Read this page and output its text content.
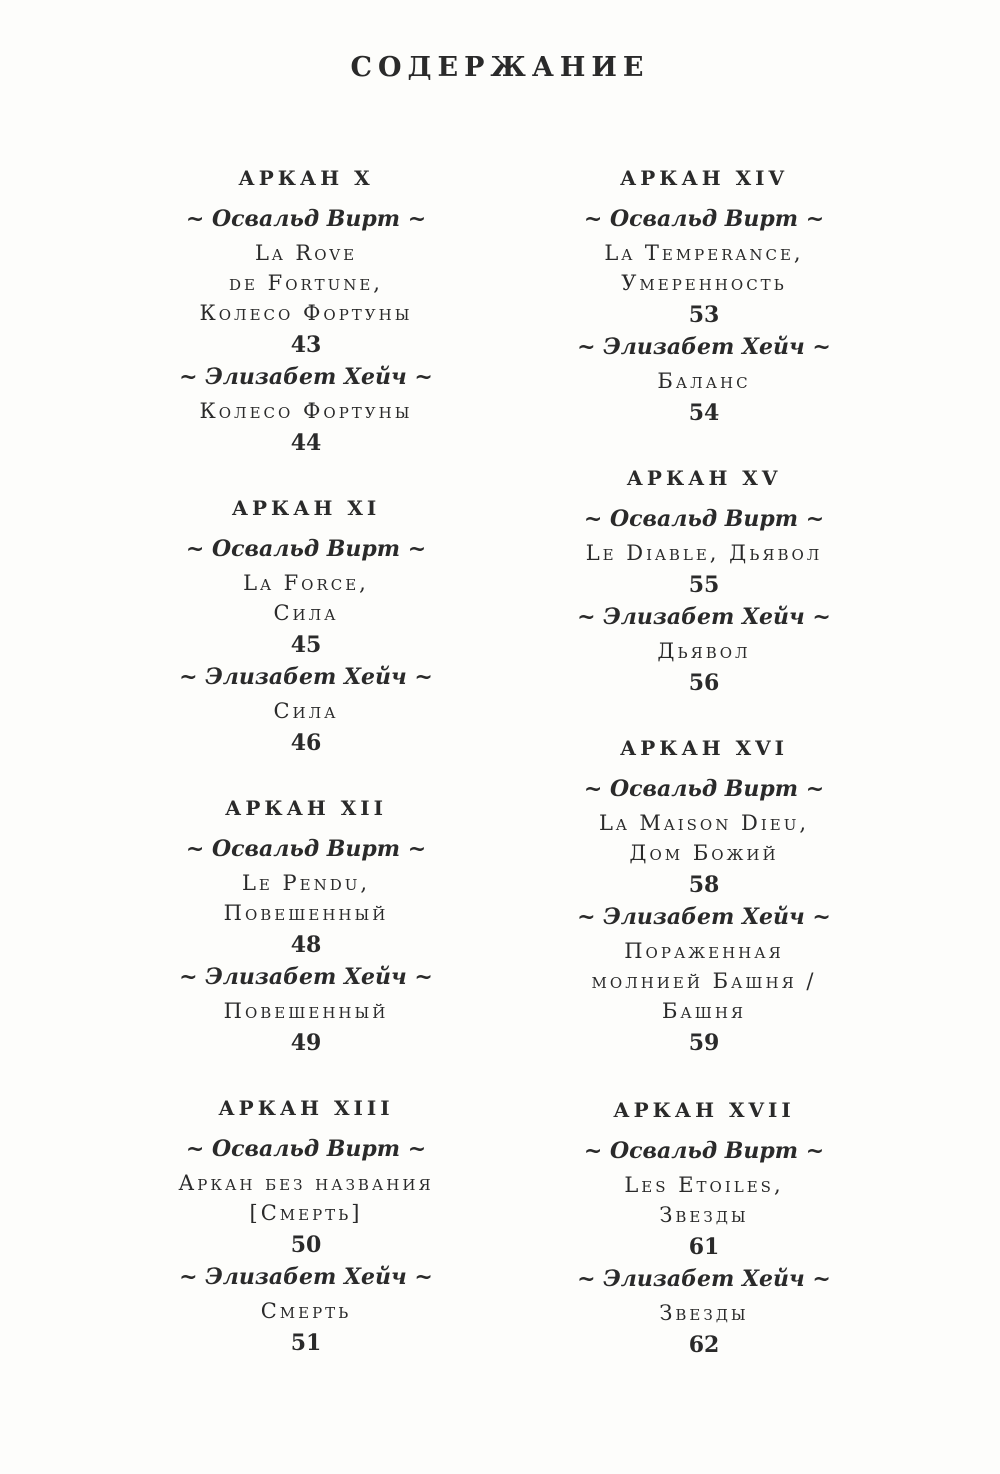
СОДЕРЖАНИЕ
АРКАН X
~ Освальд Вирт ~
La Rove
de Fortune,
Колесо Фортуны
43
~ Элизабет Хейч ~
Колесо Фортуны
44
АРКАН XI
~ Освальд Вирт ~
La Force,
Сила
45
~ Элизабет Хейч ~
Сила
46
АРКАН XII
~ Освальд Вирт ~
Le Pendu,
Повешенный
48
~ Элизабет Хейч ~
Повешенный
49
АРКАН XIII
~ Освальд Вирт ~
Аркан без названия
[Смерть]
50
~ Элизабет Хейч ~
Смерть
51
АРКАН XIV
~ Освальд Вирт ~
La Temperance,
Умеренность
53
~ Элизабет Хейч ~
Баланс
54
АРКАН XV
~ Освальд Вирт ~
Le Diable, Дьявол
55
~ Элизабет Хейч ~
Дьявол
56
АРКАН XVI
~ Освальд Вирт ~
La Maison Dieu,
Дом Божий
58
~ Элизабет Хейч ~
Пораженная
молнией Башня /
Башня
59
АРКАН XVII
~ Освальд Вирт ~
Les Etoiles,
Звезды
61
~ Элизабет Хейч ~
Звезды
62
